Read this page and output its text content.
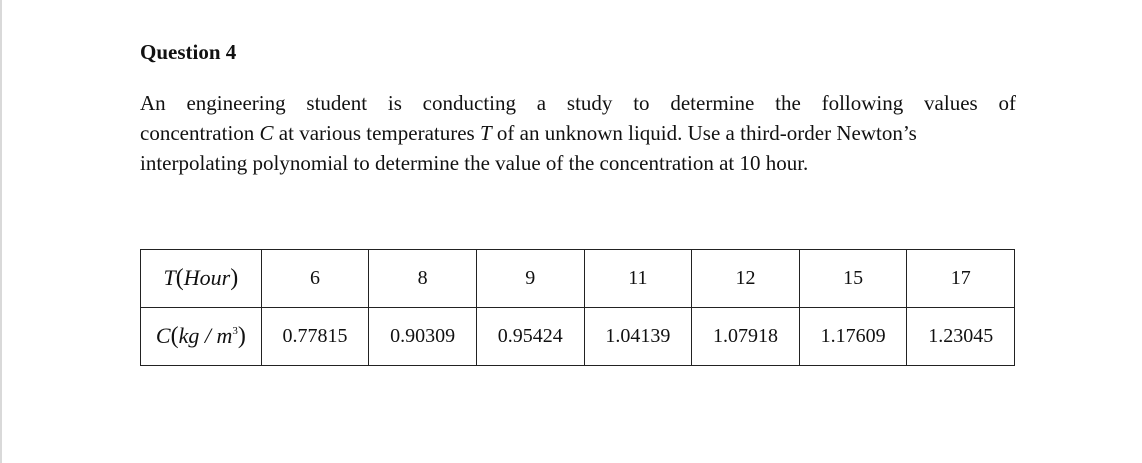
Question 4
An engineering student is conducting a study to determine the following values of
concentration C at various temperatures T of an unknown liquid. Use a third-order Newton’s
interpolating polynomial to determine the value of the concentration at 10 hour.
T(Hour)	6	8	9	11	12	15	17
$C(kg / m^3)$	0.77815	0.90309	0.95424	1.04139	1.07918	1.17609	1.23045
